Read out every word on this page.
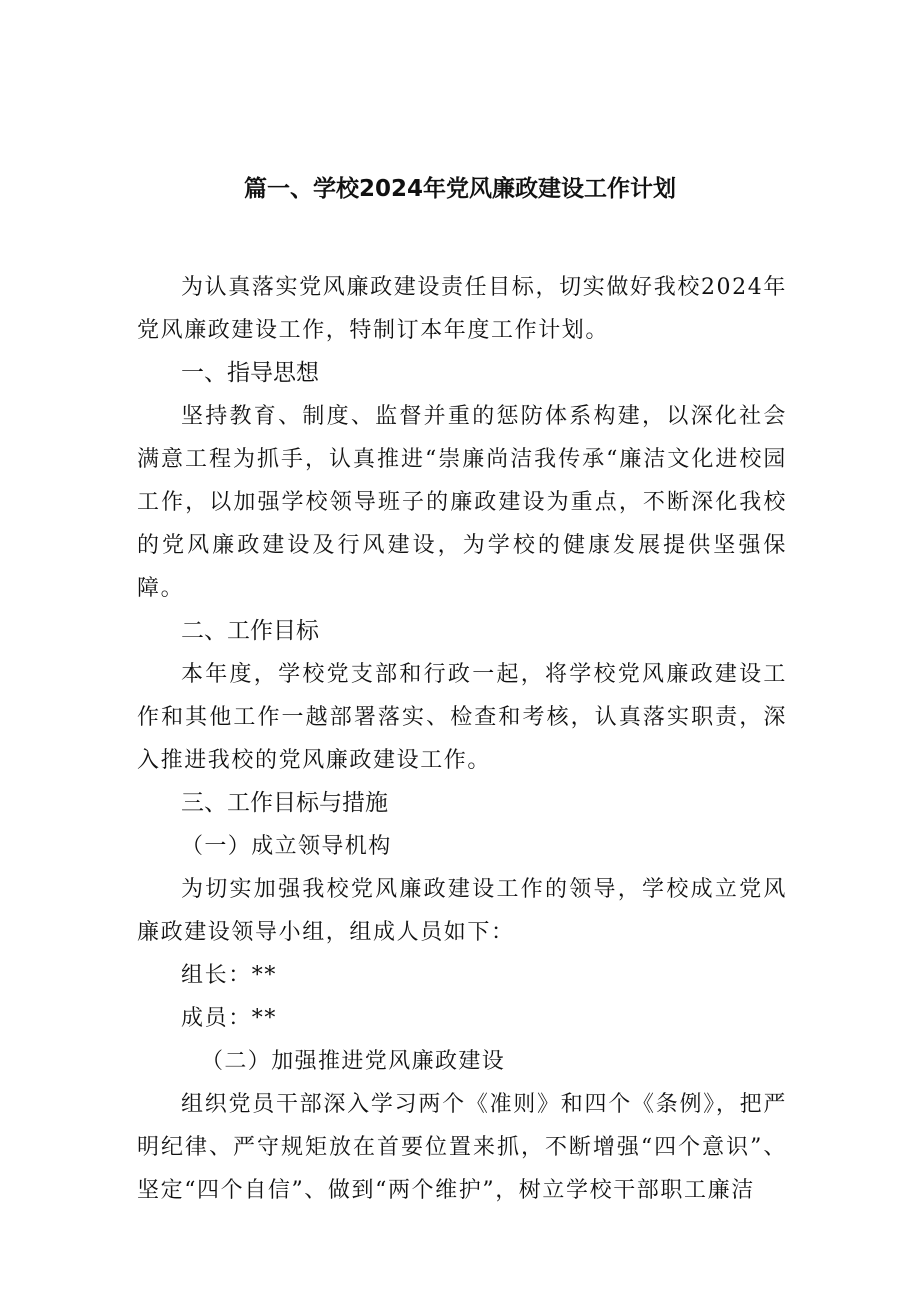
篇一、学校2024年党风廉政建设工作计划

为认真落实党风廉政建设责任目标，切实做好我校2024年党风廉政建设工作，特制订本年度工作计划。

一、指导思想

坚持教育、制度、监督并重的惩防体系构建，以深化社会满意工程为抓手，认真推进“崇廉尚洁我传承“廉洁文化进校园工作，以加强学校领导班子的廉政建设为重点，不断深化我校的党风廉政建设及行风建设，为学校的健康发展提供坚强保障。

二、工作目标

本年度，学校党支部和行政一起，将学校党风廉政建设工作和其他工作一越部署落实、检查和考核，认真落实职责，深入推进我校的党风廉政建设工作。

三、工作目标与措施

（一）成立领导机构

为切实加强我校党风廉政建设工作的领导，学校成立党风廉政建设领导小组，组成人员如下：

组长：**

成员：**

（二）加强推进党风廉政建设

组织党员干部深入学习两个《准则》和四个《条例》，把严明纪律、严守规矩放在首要位置来抓，不断增强“四个意识”、坚定“四个自信”、做到“两个维护”，树立学校干部职工廉洁
